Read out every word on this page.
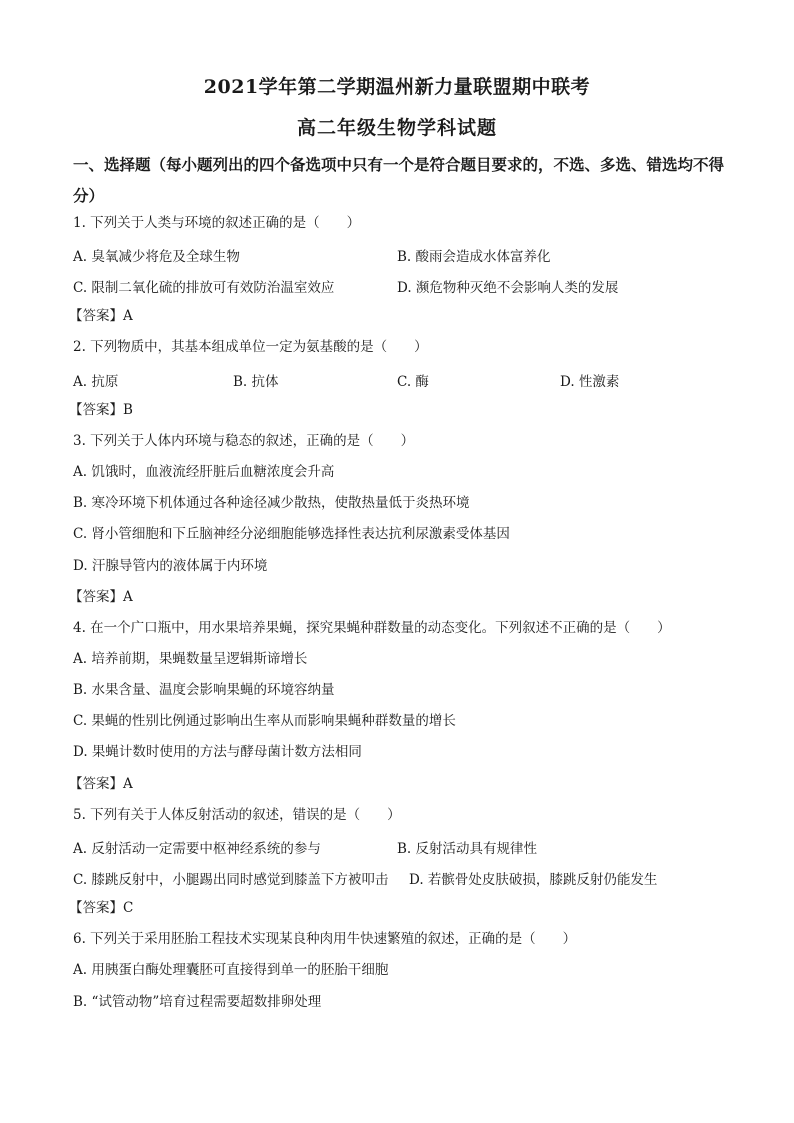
2021学年第二学期温州新力量联盟期中联考
高二年级生物学科试题
一、选择题（每小题列出的四个备选项中只有一个是符合题目要求的，不选、多选、错选均不得分）
1. 下列关于人类与环境的叙述正确的是（　　）
A. 臭氧减少将危及全球生物	B. 酸雨会造成水体富养化
C. 限制二氧化硫的排放可有效防治温室效应	D. 濒危物种灭绝不会影响人类的发展
【答案】A
2. 下列物质中，其基本组成单位一定为氨基酸的是（　　）
A. 抗原	B. 抗体	C. 酶	D. 性激素
【答案】B
3. 下列关于人体内环境与稳态的叙述，正确的是（　　）
A. 饥饿时，血液流经肝脏后血糖浓度会升高
B. 寒冷环境下机体通过各种途径减少散热，使散热量低于炎热环境
C. 肾小管细胞和下丘脑神经分泌细胞能够选择性表达抗利尿激素受体基因
D. 汗腺导管内的液体属于内环境
【答案】A
4. 在一个广口瓶中，用水果培养果蝇，探究果蝇种群数量的动态变化。下列叙述不正确的是（　　）
A. 培养前期，果蝇数量呈逻辑斯谛增长
B. 水果含量、温度会影响果蝇的环境容纳量
C. 果蝇的性别比例通过影响出生率从而影响果蝇种群数量的增长
D. 果蝇计数时使用的方法与酵母菌计数方法相同
【答案】A
5. 下列有关于人体反射活动的叙述，错误的是（　　）
A. 反射活动一定需要中枢神经系统的参与	B. 反射活动具有规律性
C. 膝跳反射中，小腿踢出同时感觉到膝盖下方被叩击 D. 若髌骨处皮肤破损，膝跳反射仍能发生
【答案】C
6. 下列关于采用胚胎工程技术实现某良种肉用牛快速繁殖的叙述，正确的是（　　）
A. 用胰蛋白酶处理囊胚可直接得到单一的胚胎干细胞
B. “试管动物”培育过程需要超数排卵处理
